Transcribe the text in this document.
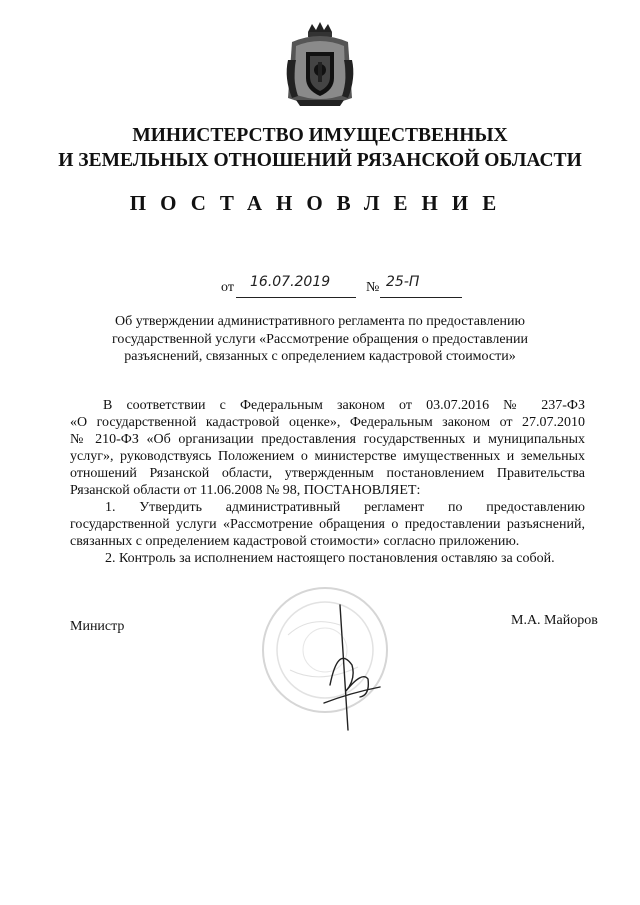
МИНИСТЕРСТВО ИМУЩЕСТВЕННЫХ
И ЗЕМЕЛЬНЫХ ОТНОШЕНИЙ РЯЗАНСКОЙ ОБЛАСТИ
ПОСТАНОВЛЕНИЕ
от 16.07.2019	№ 25-П
Об утверждении административного регламента по предоставлению
государственной услуги «Рассмотрение обращения о предоставлении
разъяснений, связанных с определением кадастровой стоимости»

В соответствии с Федеральным законом от 03.07.2016 № 237-ФЗ

«О государственной кадастровой оценке», Федеральным законом от 27.07.2010

№ 210-ФЗ «Об организации предоставления государственных и муниципальных

услуг», руководствуясь Положением о министерстве имущественных и земельных

отношений Рязанской области, утвержденным постановлением Правительства

Рязанской области от 11.06.2008 № 98, ПОСТАНОВЛЯЕТ:

1. Утвердить административный регламент по предоставлению

государственной услуги «Рассмотрение обращения о предоставлении разъяснений,

связанных с определением кадастровой стоимости» согласно приложению.

2. Контроль за исполнением настоящего постановления оставляю за собой.

Министр	М.А. Майоров
